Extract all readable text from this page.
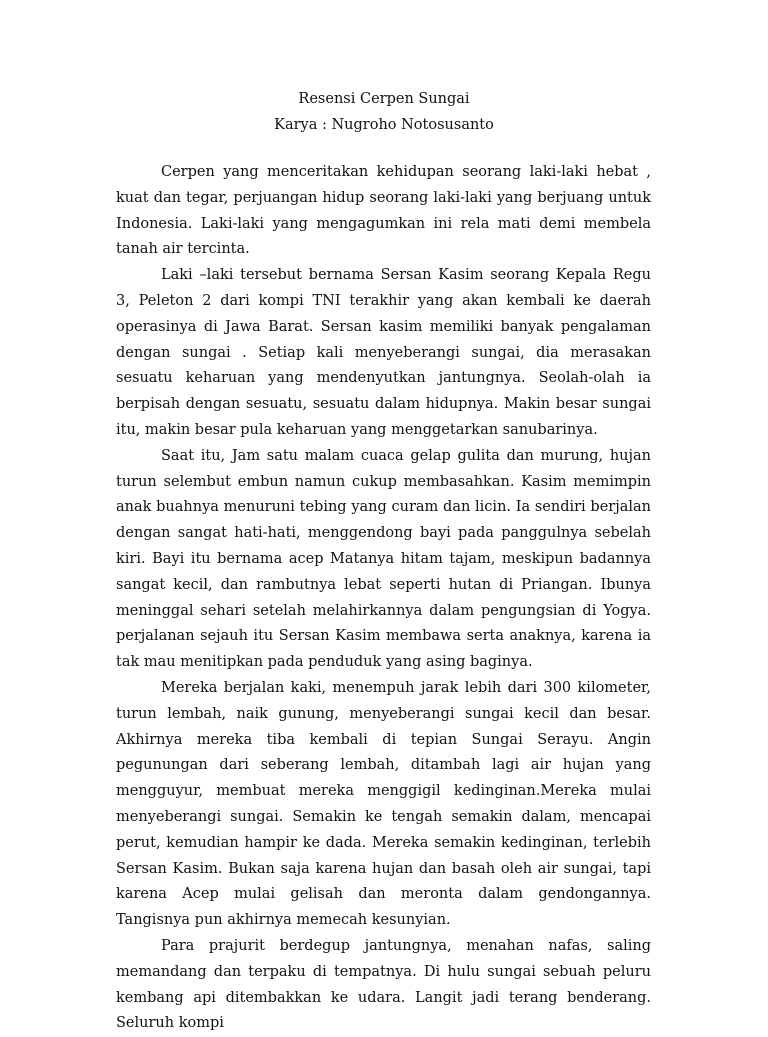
Resensi Cerpen Sungai
Karya : Nugroho Notosusanto

Cerpen yang menceritakan kehidupan seorang laki-laki hebat , kuat dan tegar, perjuangan hidup seorang laki-laki yang berjuang untuk Indonesia. Laki-laki yang mengagumkan ini rela mati demi membela tanah air tercinta.

Laki –laki tersebut bernama Sersan Kasim seorang Kepala Regu 3, Peleton 2 dari kompi TNI terakhir yang akan kembali ke daerah operasinya di Jawa Barat. Sersan kasim memiliki banyak pengalaman dengan sungai . Setiap kali menyeberangi sungai, dia merasakan sesuatu keharuan yang mendenyutkan jantungnya. Seolah-olah ia berpisah dengan sesuatu, sesuatu dalam hidupnya. Makin besar sungai itu, makin besar pula keharuan yang menggetarkan sanubarinya.

Saat itu, Jam satu malam cuaca gelap gulita dan murung, hujan turun selembut embun namun cukup membasahkan. Kasim memimpin anak buahnya menuruni tebing yang curam dan licin. Ia sendiri berjalan dengan sangat hati-hati, menggendong bayi pada panggulnya sebelah kiri. Bayi itu bernama acep Matanya hitam tajam, meskipun badannya sangat kecil, dan rambutnya lebat seperti hutan di Priangan. Ibunya meninggal sehari setelah melahirkannya dalam pengungsian di Yogya. perjalanan sejauh itu Sersan Kasim membawa serta anaknya, karena ia tak mau menitipkan pada penduduk yang asing baginya.

Mereka berjalan kaki, menempuh jarak lebih dari 300 kilometer, turun lembah, naik gunung, menyeberangi sungai kecil dan besar. Akhirnya mereka tiba kembali di tepian Sungai Serayu. Angin pegunungan dari seberang lembah, ditambah lagi air hujan yang mengguyur, membuat mereka menggigil kedinginan.Mereka mulai menyeberangi sungai. Semakin ke tengah semakin dalam, mencapai perut, kemudian hampir ke dada. Mereka semakin kedinginan, terlebih Sersan Kasim. Bukan saja karena hujan dan basah oleh air sungai, tapi karena Acep mulai gelisah dan meronta dalam gendongannya. Tangisnya pun akhirnya memecah kesunyian.

Para prajurit berdegup jantungnya, menahan nafas, saling memandang dan terpaku di tempatnya. Di hulu sungai sebuah peluru kembang api ditembakkan ke udara. Langit jadi terang benderang. Seluruh kompi
